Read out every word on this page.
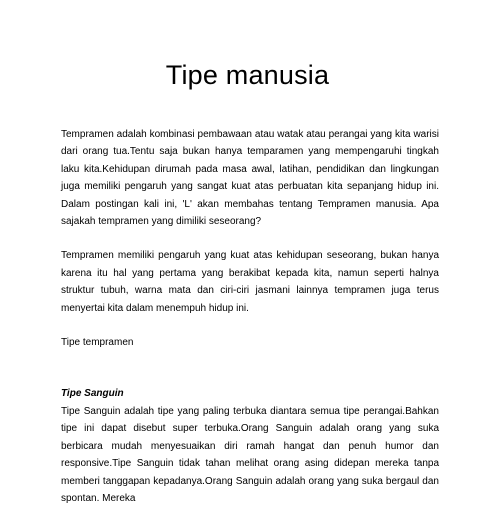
Tipe manusia

Tempramen adalah kombinasi pembawaan atau watak atau perangai yang kita warisi dari orang tua.Tentu saja bukan hanya temparamen yang mempengaruhi tingkah laku kita.Kehidupan dirumah pada masa awal, latihan, pendidikan dan lingkungan juga memiliki pengaruh yang sangat kuat atas perbuatan kita sepanjang hidup ini. Dalam postingan kali ini, 'L' akan membahas tentang Tempramen manusia. Apa sajakah tempramen yang dimiliki seseorang?

Tempramen memiliki pengaruh yang kuat atas kehidupan seseorang, bukan hanya karena itu hal yang pertama yang berakibat kepada kita, namun seperti halnya struktur tubuh, warna mata dan ciri-ciri jasmani lainnya tempramen juga terus menyertai kita dalam menempuh hidup ini.

Tipe tempramen

Tipe Sanguin

Tipe Sanguin adalah tipe yang paling terbuka diantara semua tipe perangai.Bahkan tipe ini dapat disebut super terbuka.Orang Sanguin adalah orang yang suka berbicara mudah menyesuaikan diri ramah hangat dan penuh humor dan responsive.Tipe Sanguin tidak tahan melihat orang asing didepan mereka tanpa memberi tanggapan kepadanya.Orang Sanguin adalah orang yang suka bergaul dan spontan. Mereka
